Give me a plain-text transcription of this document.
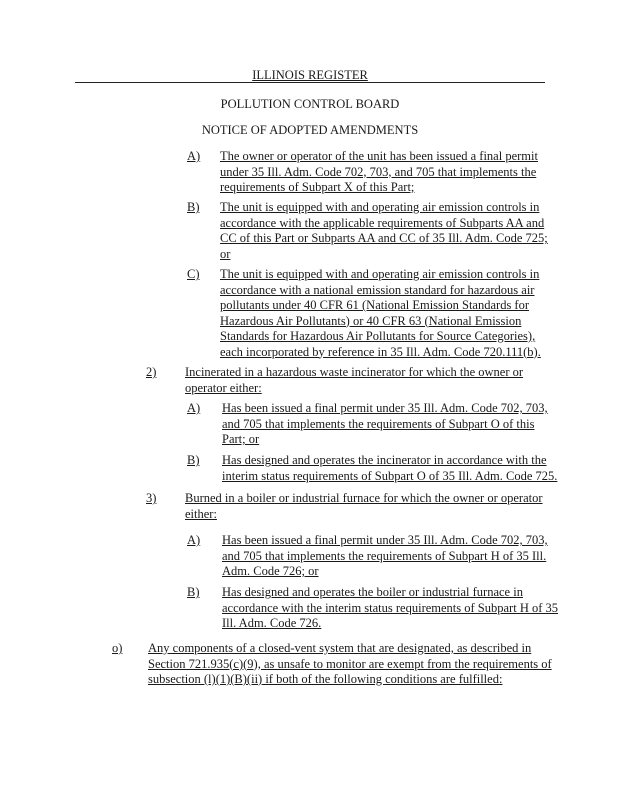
ILLINOIS REGISTER
POLLUTION CONTROL BOARD
NOTICE OF ADOPTED AMENDMENTS
A) The owner or operator of the unit has been issued a final permit
under 35 Ill. Adm. Code 702, 703, and 705 that implements the
requirements of Subpart X of this Part;
B) The unit is equipped with and operating air emission controls in
accordance with the applicable requirements of Subparts AA and
CC of this Part or Subparts AA and CC of 35 Ill. Adm. Code 725;
or
C) The unit is equipped with and operating air emission controls in
accordance with a national emission standard for hazardous air
pollutants under 40 CFR 61 (National Emission Standards for
Hazardous Air Pollutants) or 40 CFR 63 (National Emission
Standards for Hazardous Air Pollutants for Source Categories),
each incorporated by reference in 35 Ill. Adm. Code 720.111(b).
2) Incinerated in a hazardous waste incinerator for which the owner or
operator either:
A) Has been issued a final permit under 35 Ill. Adm. Code 702, 703,
and 705 that implements the requirements of Subpart O of this
Part; or
B) Has designed and operates the incinerator in accordance with the
interim status requirements of Subpart O of 35 Ill. Adm. Code 725.
3) Burned in a boiler or industrial furnace for which the owner or operator
either:
A) Has been issued a final permit under 35 Ill. Adm. Code 702, 703,
and 705 that implements the requirements of Subpart H of 35 Ill.
Adm. Code 726; or
B) Has designed and operates the boiler or industrial furnace in
accordance with the interim status requirements of Subpart H of 35
Ill. Adm. Code 726.
o) Any components of a closed-vent system that are designated, as described in
Section 721.935(c)(9), as unsafe to monitor are exempt from the requirements of
subsection (l)(1)(B)(ii) if both of the following conditions are fulfilled:
